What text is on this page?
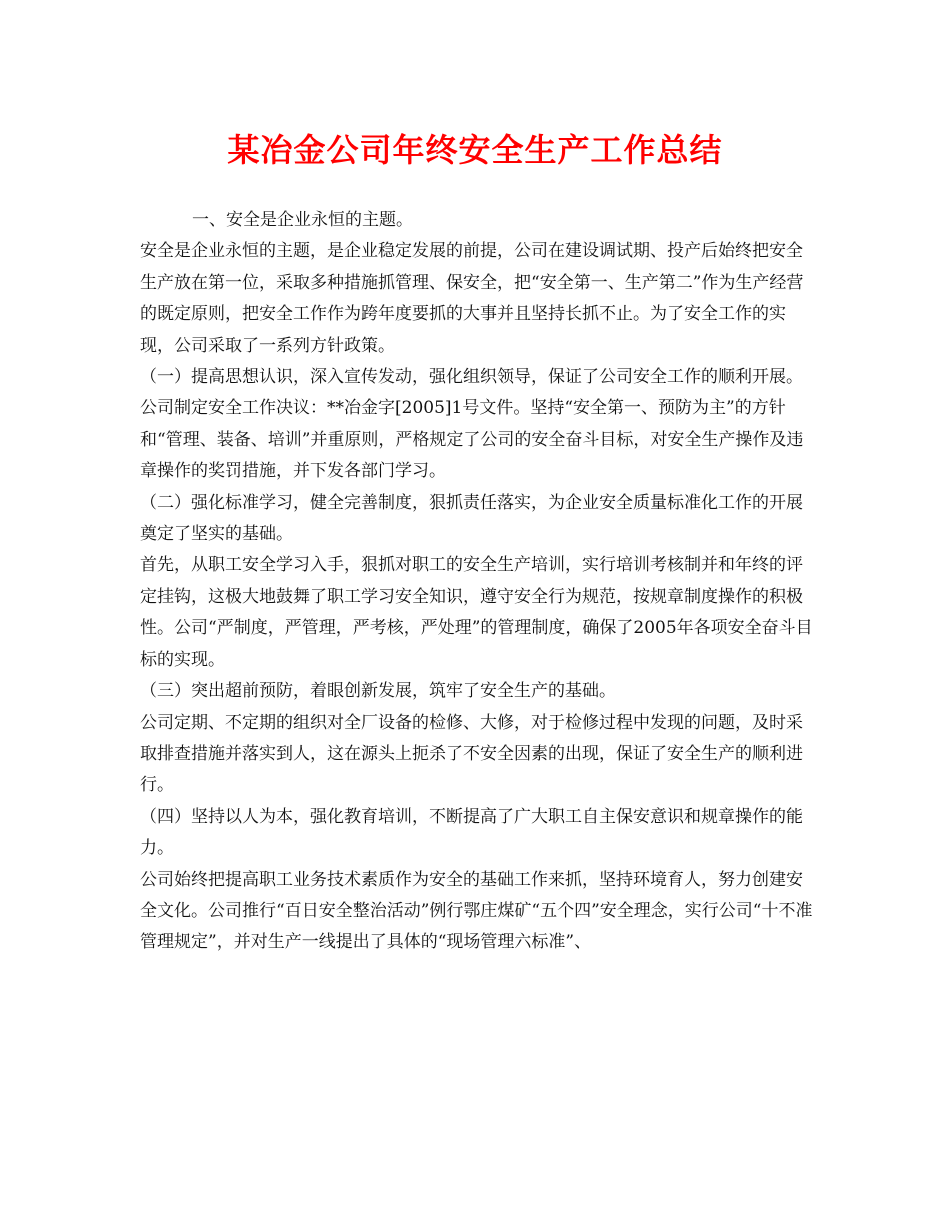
某冶金公司年终安全生产工作总结

一、安全是企业永恒的主题。

安全是企业永恒的主题，是企业稳定发展的前提，公司在建设调试期、投产后始终把安全生产放在第一位，采取多种措施抓管理、保安全，把“安全第一、生产第二”作为生产经营的既定原则，把安全工作作为跨年度要抓的大事并且坚持长抓不止。为了安全工作的实现，公司采取了一系列方针政策。

（一）提高思想认识，深入宣传发动，强化组织领导，保证了公司安全工作的顺利开展。

公司制定安全工作决议：**冶金字[2005]1号文件。坚持“安全第一、预防为主”的方针和“管理、装备、培训”并重原则，严格规定了公司的安全奋斗目标，对安全生产操作及违章操作的奖罚措施，并下发各部门学习。

（二）强化标准学习，健全完善制度，狠抓责任落实，为企业安全质量标准化工作的开展奠定了坚实的基础。

首先，从职工安全学习入手，狠抓对职工的安全生产培训，实行培训考核制并和年终的评定挂钩，这极大地鼓舞了职工学习安全知识，遵守安全行为规范，按规章制度操作的积极性。公司“严制度，严管理，严考核，严处理”的管理制度，确保了2005年各项安全奋斗目标的实现。

（三）突出超前预防，着眼创新发展，筑牢了安全生产的基础。

公司定期、不定期的组织对全厂设备的检修、大修，对于检修过程中发现的问题，及时采取排查措施并落实到人，这在源头上扼杀了不安全因素的出现，保证了安全生产的顺利进行。

（四）坚持以人为本，强化教育培训，不断提高了广大职工自主保安意识和规章操作的能力。

公司始终把提高职工业务技术素质作为安全的基础工作来抓，坚持环境育人，努力创建安全文化。公司推行“百日安全整治活动”例行鄂庄煤矿“五个四”安全理念，实行公司“十不准管理规定”，并对生产一线提出了具体的“现场管理六标准”、
